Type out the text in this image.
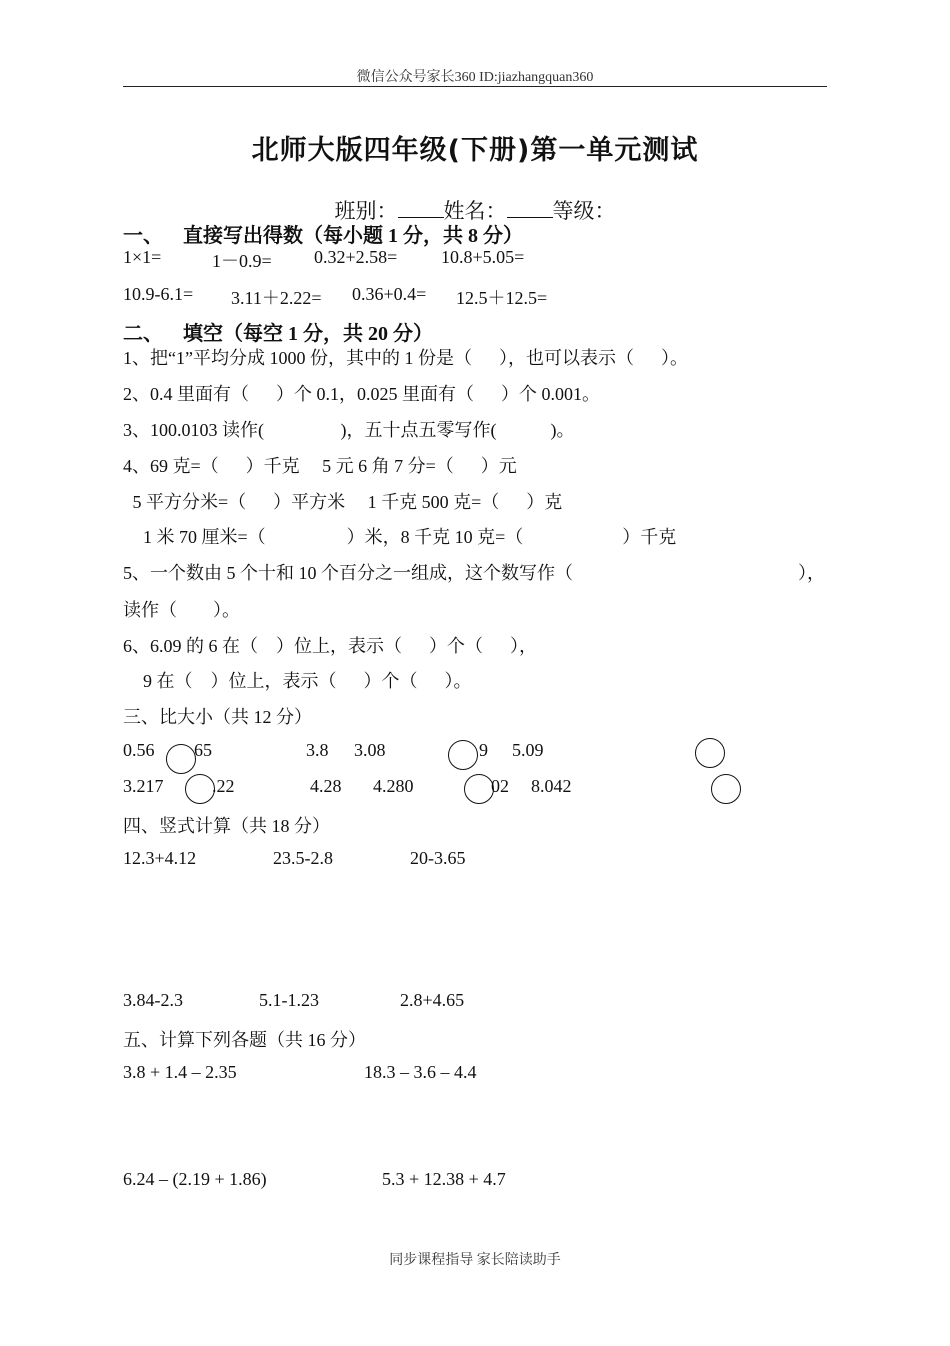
微信公众号家长360 ID:jiazhangquan360
北师大版四年级(下册)第一单元测试
班别： 姓名： 等级：
一、    直接写出得数（每小题 1 分，共 8 分）
1×1=	1－0.9= 0.32+2.58= 10.8+5.05=
10.9-6.1= 3.11＋2.22= 0.36+0.4= 12.5＋12.5=
二、    填空（每空 1 分，共 20 分）
1、把“1”平均分成 1000 份，其中的 1 份是（      ），也可以表示（      ）。
2、0.4 里面有（      ）个 0.1，0.025 里面有（      ）个 0.001。
3、100.0103 读作(                 )，五十点五零写作(            )。
4、69 克=（      ）千克     5 元 6 角 7 分=（      ）元
5 平方分米=（      ）平方米     1 千克 500 克=（      ）克
1 米 70 厘米=（                  ）米，8 千克 10 克=（                      ）千克
5、一个数由 5 个十和 10 个百分之一组成，这个数写作（	），
读作（        ）。
6、6.09 的 6 在（    ）位上，表示（      ）个（      ），
9 在（    ）位上，表示（      ）个（      ）。
三、比大小（共 12 分）
0.56 65	3.8 3.08	9 5.09
3.217	.22	4.28 4.280	02 8.042
四、竖式计算（共 18 分）
12.3+4.12	23.5-2.8	20-3.65
3.84-2.3	5.1-1.23	2.8+4.65
五、计算下列各题（共 16 分）
3.8 + 1.4 – 2.35	18.3 – 3.6 – 4.4
6.24 – (2.19 + 1.86)	5.3 + 12.38 + 4.7
同步课程指导 家长陪读助手
